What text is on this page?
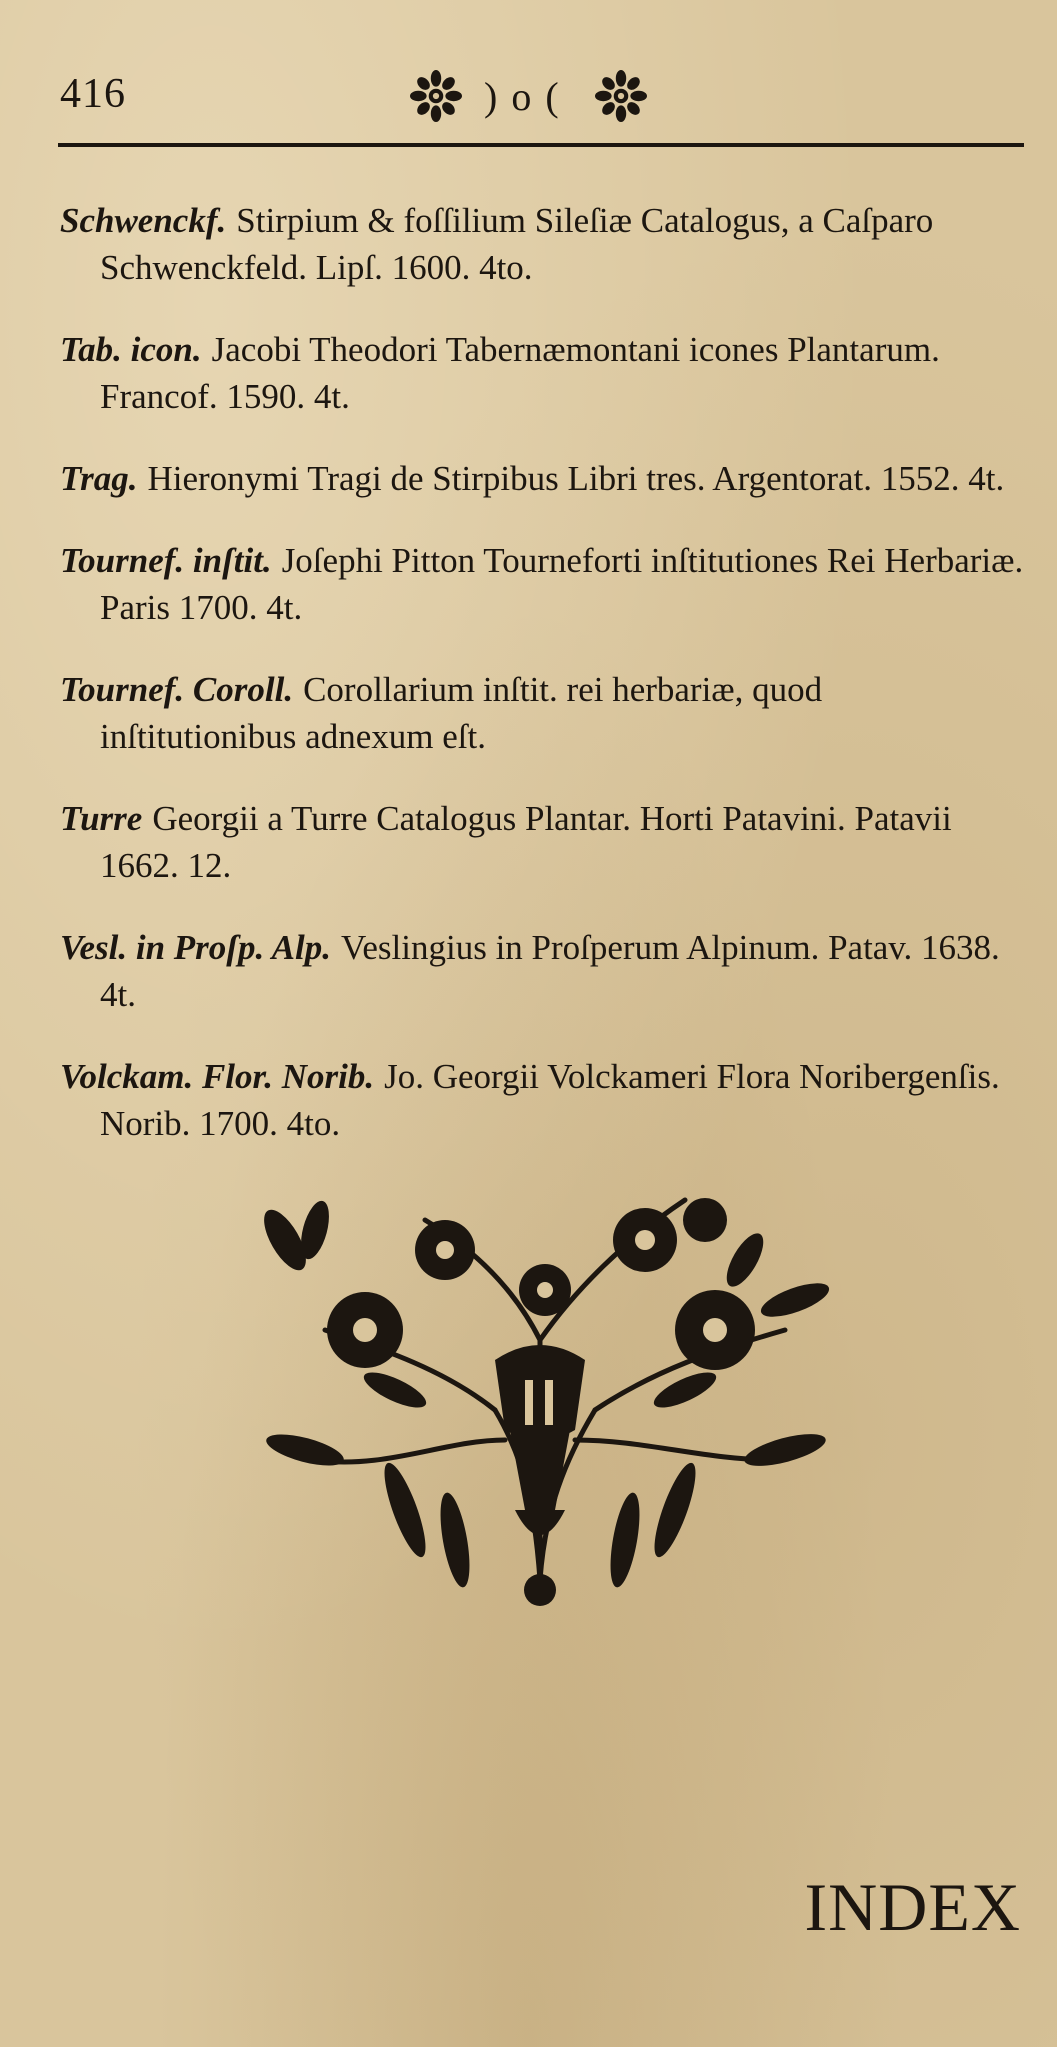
416	)o(

Schwenckf. Stirpium & foſſilium Sileſiæ Catalogus, a Caſparo Schwenckfeld. Lipſ. 1600. 4to.

Tab. icon. Jacobi Theodori Tabernæmontani icones Plantarum. Francof. 1590. 4t.

Trag. Hieronymi Tragi de Stirpibus Libri tres. Argentorat. 1552. 4t.

Tournef. inſtit. Joſephi Pitton Tourneforti inſtitutiones Rei Herbariæ. Paris 1700. 4t.

Tournef. Coroll. Corollarium inſtit. rei herbariæ, quod inſtitutionibus adnexum eſt.

Turre Georgii a Turre Catalogus Plantar. Horti Patavini. Patavii 1662. 12.

Vesl. in Proſp. Alp. Veslingius in Proſperum Alpinum. Patav. 1638. 4t.

Volckam. Flor. Norib. Jo. Georgii Volckameri Flora Noribergenſis. Norib. 1700. 4to.

INDEX
